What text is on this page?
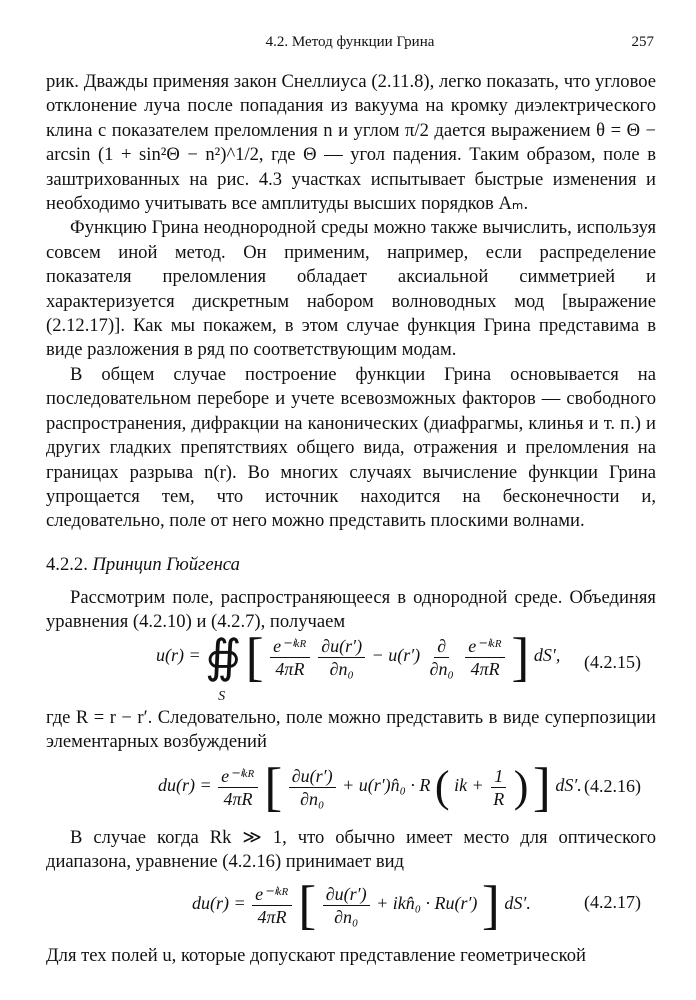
4.2. Метод функции Грина	257

рик. Дважды применяя закон Снеллиуса (2.11.8), легко показать, что угловое отклонение луча после попадания из вакуума на кромку диэлектрического клина с показателем преломления n и углом π/2 дается выражением θ = Θ − arcsin (1 + sin²Θ − n²)^1/2, где Θ — угол падения. Таким образом, поле в заштрихованных на рис. 4.3 участках испытывает быстрые изменения и необходимо учитывать все амплитуды высших порядков Aₘ.

Функцию Грина неоднородной среды можно также вычислить, используя совсем иной метод. Он применим, например, если распределение показателя преломления обладает аксиальной симметрией и характеризуется дискретным набором волноводных мод [выражение (2.12.17)]. Как мы покажем, в этом случае функция Грина представима в виде разложения в ряд по соответствующим модам.

В общем случае построение функции Грина основывается на последовательном переборе и учете всевозможных факторов — свободного распространения, дифракции на канонических (диафрагмы, клинья и т. п.) и других гладких препятствиях общего вида, отражения и преломления на границах разрыва n(r). Во многих случаях вычисление функции Грина упрощается тем, что источник находится на бесконечности и, следовательно, поле от него можно представить плоскими волнами.

4.2.2. Принцип Гюйгенса

Рассмотрим поле, распространяющееся в однородной среде. Объединяя уравнения (4.2.10) и (4.2.7), получаем

u(r) = ∯
S
[ $\frac{\text{e⁻ⁱᵏᴿ}}{4\pi R}$
$\frac{\partial u(r')}{\text{∂n₀}} - u(r') \frac{\partial}{\text{∂n₀}}$
$\frac{\text{e⁻ⁱᵏᴿ}}{4\pi R}$ ] dS′, (4.2.15)

где R = r − r′. Следовательно, поле можно представить в виде суперпозиции элементарных возбуждений

$du(r) = \frac{\text{e⁻ⁱᵏᴿ}}{4\pi R}$ [ $\frac{\partial u(r')}{\text{∂n₀}}$ + u(r′)n̂₀ · R ( ik + $\frac{1}{R}$ ) ] dS′. (4.2.16)

В случае когда Rk ≫ 1, что обычно имеет место для оптического диапазона, уравнение (4.2.16) принимает вид

$du(r) = \frac{\text{e⁻ⁱᵏᴿ}}{4\pi R}$ [ $\frac{\partial u(r')}{\text{∂n₀}}$ + ikn̂₀ · Ru(r′) ] dS′.	(4.2.17)

Для тех полей u, которые допускают представление геометрической
